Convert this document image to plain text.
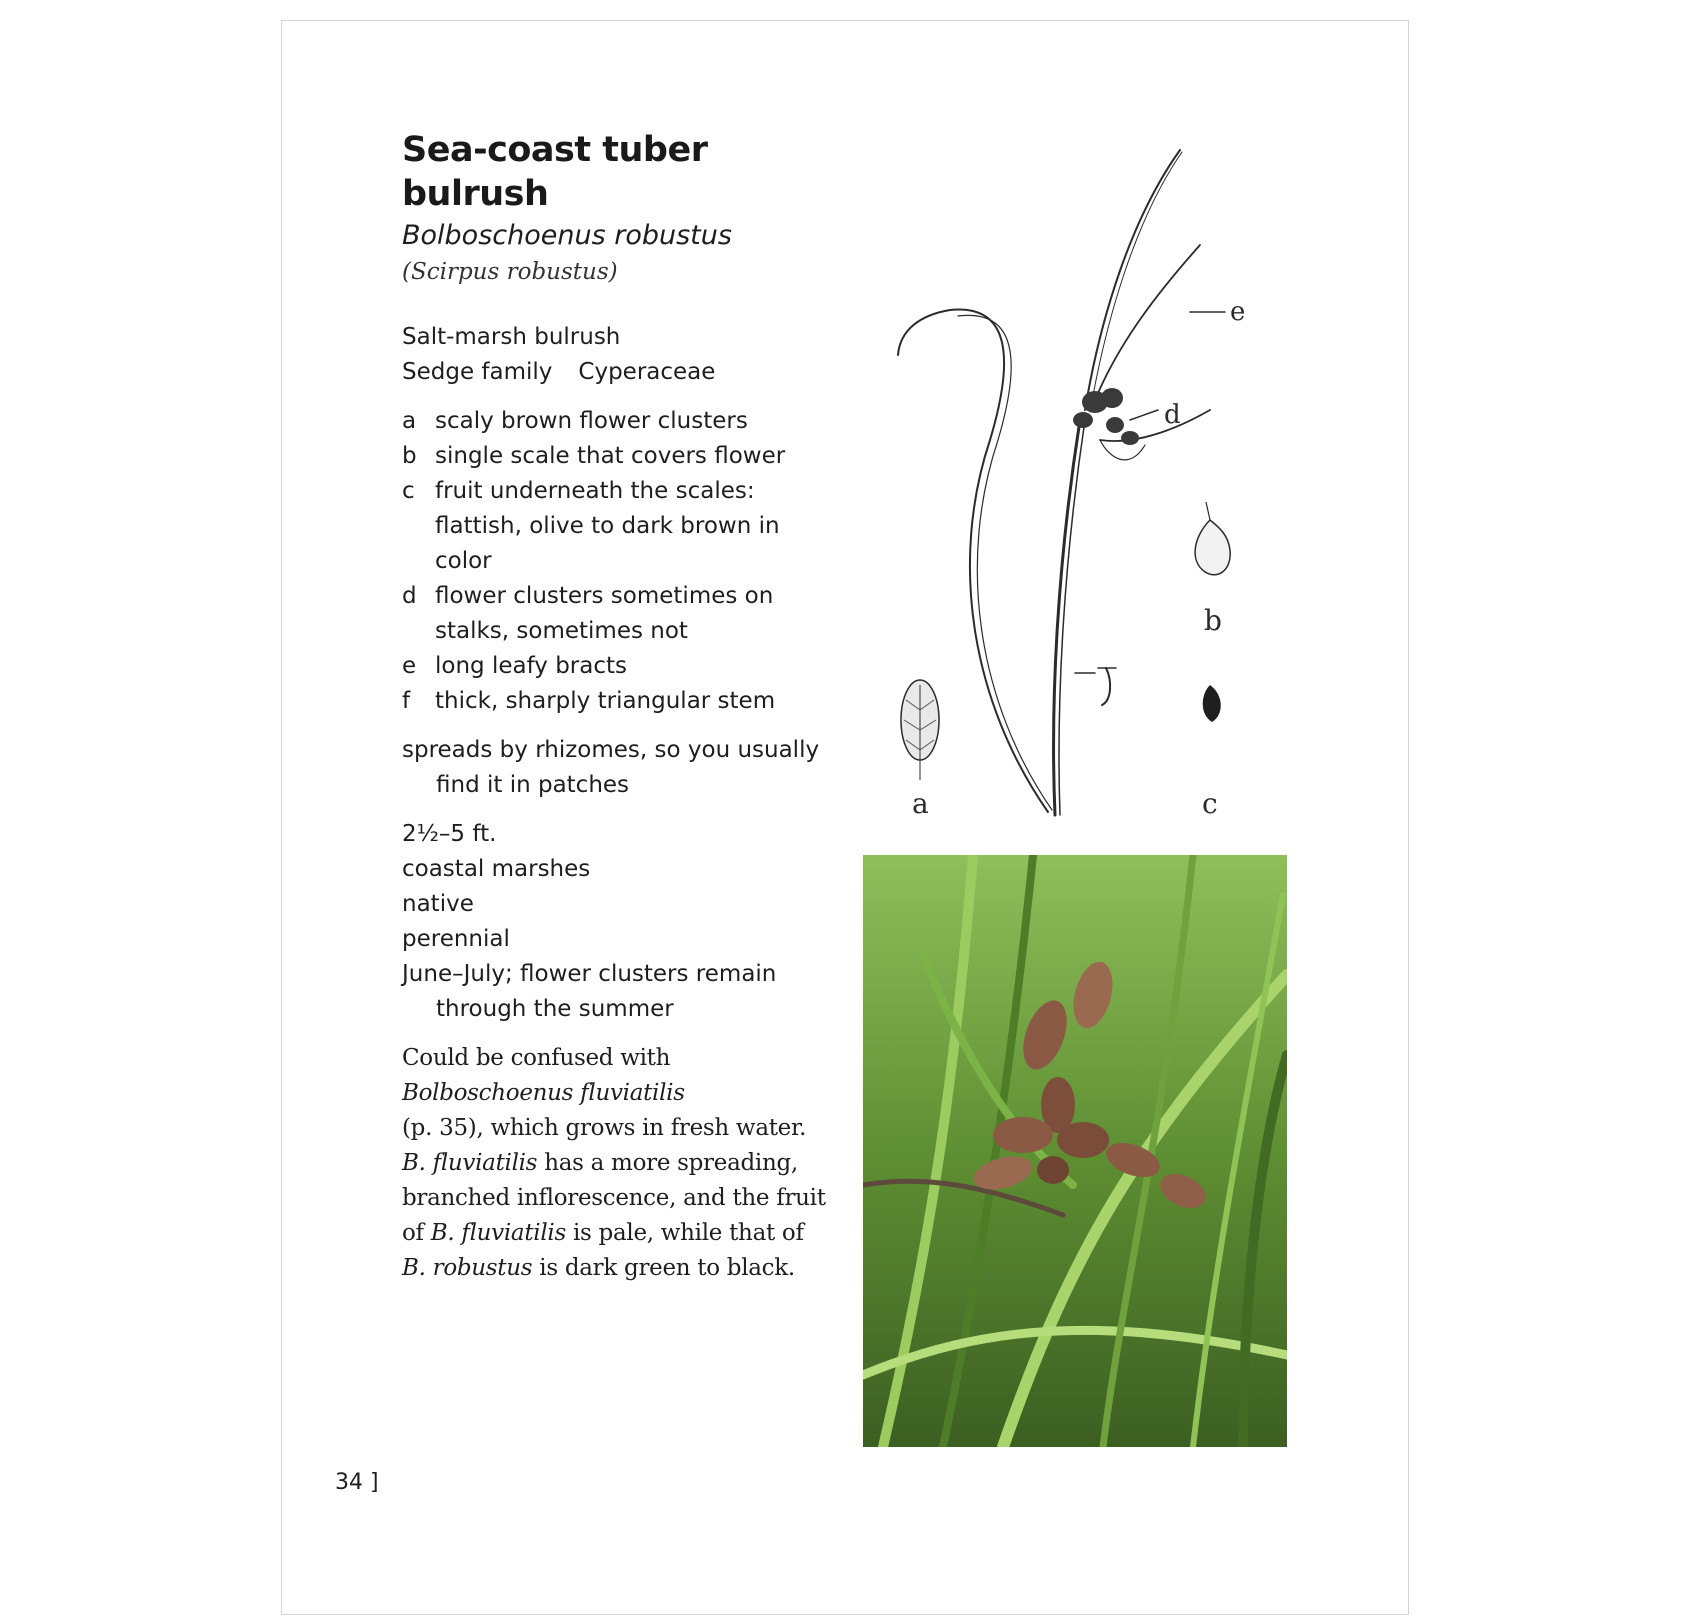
Sea-coast tuber bulrush

Bolboschoenus robustus

(Scirpus robustus)

Salt-marsh bulrush
Sedge family Cyperaceae
a scaly brown flower clusters
b single scale that covers flower
c fruit underneath the scales: flattish, olive to dark brown in color
d flower clusters sometimes on stalks, sometimes not
e long leafy bracts
f	thick, sharply triangular stem
spreads by rhizomes, so you usually find it in patches
2½–5 ft.
coastal marshes
native
perennial
June–July; flower clusters remain through the summer
Could be confused with
Bolboschoenus fluviatilis
(p. 35), which grows in fresh water.
B. fluviatilis has a more spreading, branched inflorescence, and the fruit of B. fluviatilis is pale, while that of B. robustus is dark green to black.
34 ]
a
b
c
d
e
